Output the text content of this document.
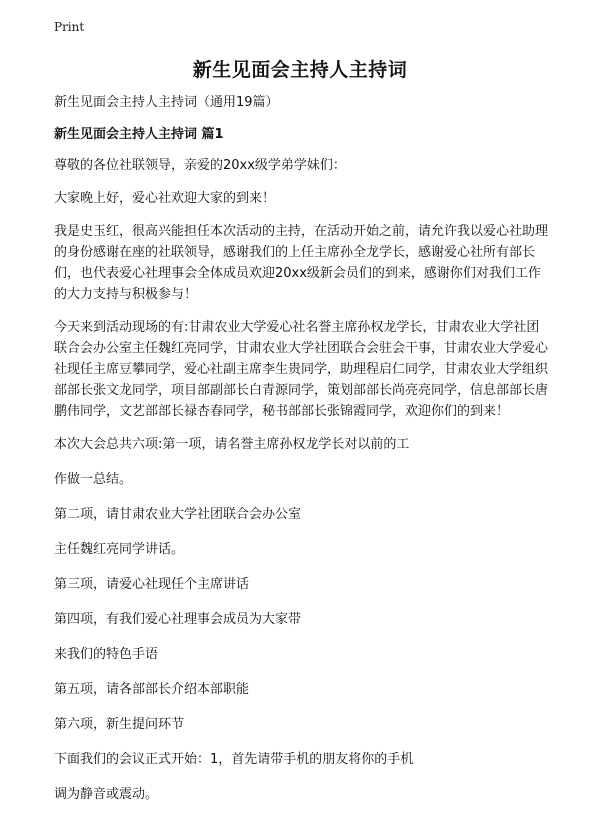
Print
新生见面会主持人主持词

新生见面会主持人主持词（通用19篇）

新生见面会主持人主持词 篇1

尊敬的各位社联领导，亲爱的20xx级学弟学妹们：

大家晚上好，爱心社欢迎大家的到来！

我是史玉红，很高兴能担任本次活动的主持，在活动开始之前，请允许我以爱心社助理的身份感谢在座的社联领导，感谢我们的上任主席孙全龙学长，感谢爱心社所有部长们，也代表爱心社理事会全体成员欢迎20xx级新会员们的到来，感谢你们对我们工作的大力支持与积极参与！

今天来到活动现场的有:甘肃农业大学爱心社名誉主席孙权龙学长，甘肃农业大学社团联合会办公室主任魏红亮同学，甘肃农业大学社团联合会驻会干事，甘肃农业大学爱心社现任主席豆攀同学，爱心社副主席李生贵同学，助理程启仁同学，甘肃农业大学组织部部长张文龙同学，项目部副部长白青源同学，策划部部长尚亮亮同学，信息部部长唐鹏伟同学，文艺部部长禄杏春同学，秘书部部长张锦霞同学，欢迎你们的到来！

本次大会总共六项:第一项，请名誉主席孙权龙学长对以前的工

作做一总结。

第二项，请甘肃农业大学社团联合会办公室

主任魏红亮同学讲话。

第三项，请爱心社现任个主席讲话

第四项，有我们爱心社理事会成员为大家带

来我们的特色手语

第五项，请各部部长介绍本部职能

第六项，新生提问环节

下面我们的会议正式开始：1，首先请带手机的朋友将你的手机

调为静音或震动。
